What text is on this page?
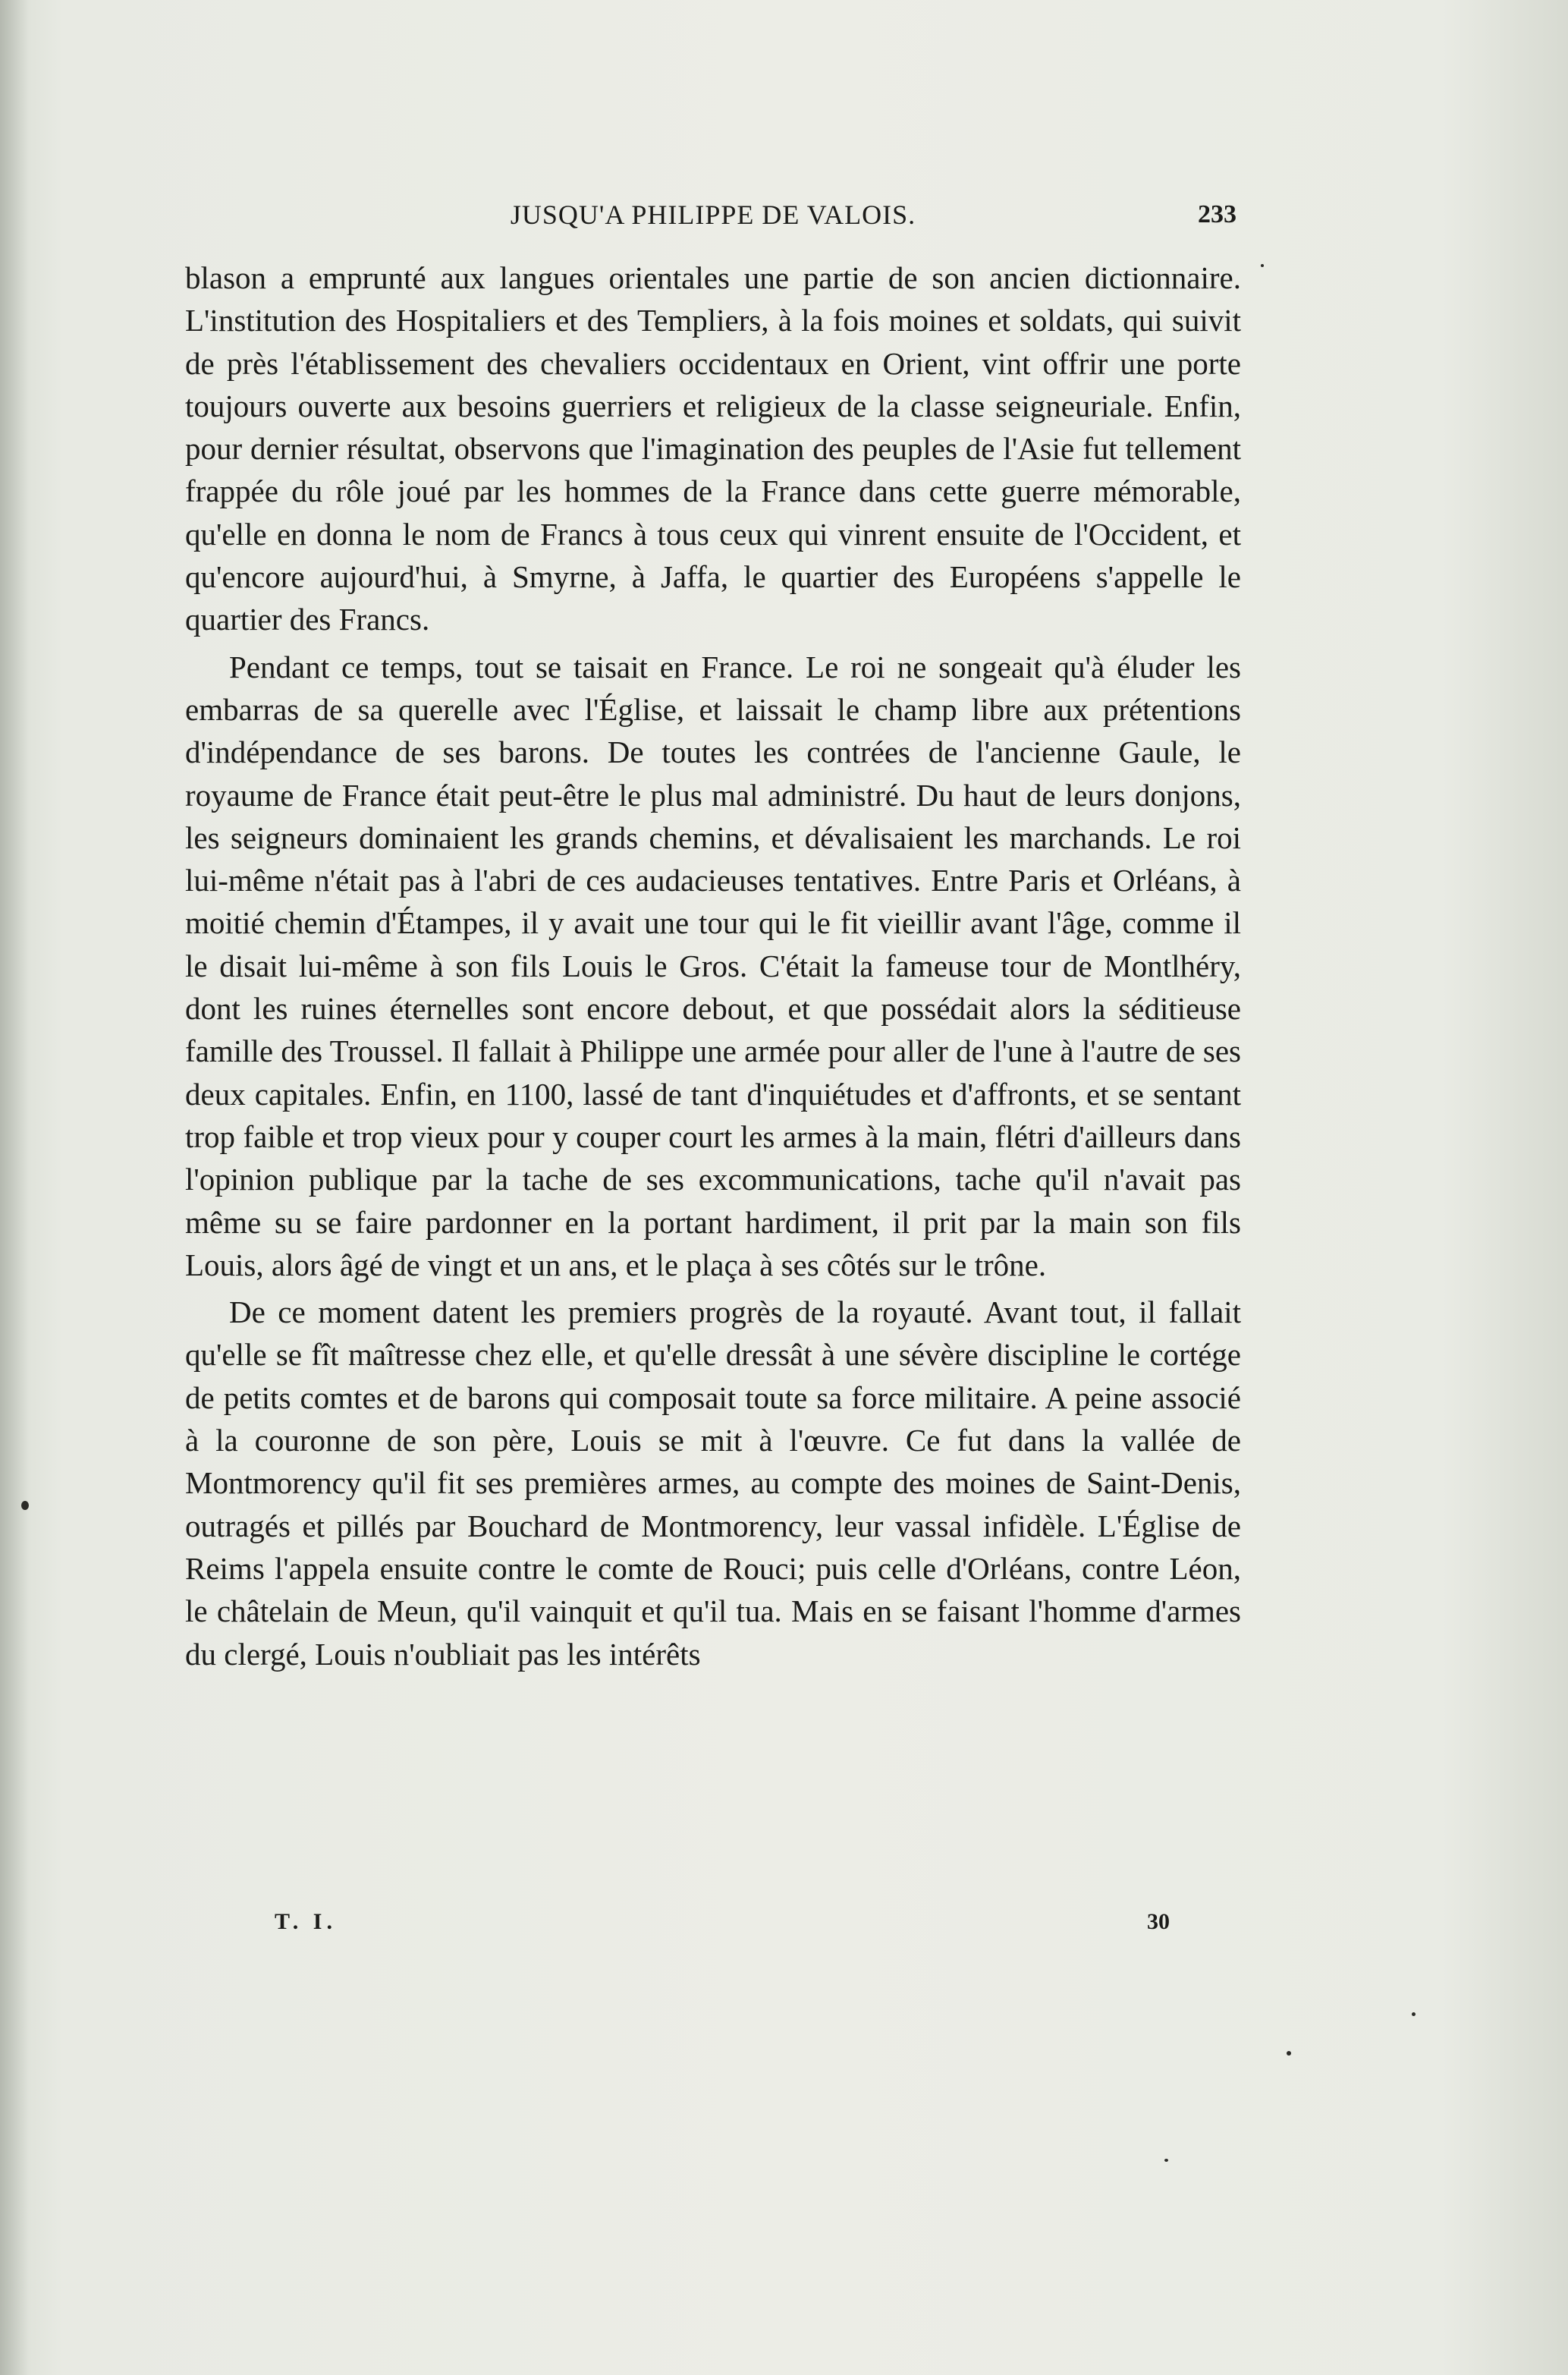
JUSQU'A PHILIPPE DE VALOIS.	233

blason a emprunté aux langues orientales une partie de son ancien dictionnaire. L'institution des Hospitaliers et des Templiers, à la fois moines et soldats, qui suivit de près l'établissement des chevaliers occidentaux en Orient, vint offrir une porte toujours ouverte aux besoins guerriers et religieux de la classe seigneuriale. Enfin, pour dernier résultat, observons que l'imagination des peuples de l'Asie fut tellement frappée du rôle joué par les hommes de la France dans cette guerre mémorable, qu'elle en donna le nom de Francs à tous ceux qui vinrent ensuite de l'Occident, et qu'encore aujourd'hui, à Smyrne, à Jaffa, le quartier des Européens s'appelle le quartier des Francs.

Pendant ce temps, tout se taisait en France. Le roi ne songeait qu'à éluder les embarras de sa querelle avec l'Église, et laissait le champ libre aux prétentions d'indépendance de ses barons. De toutes les contrées de l'ancienne Gaule, le royaume de France était peut-être le plus mal administré. Du haut de leurs donjons, les seigneurs dominaient les grands chemins, et dévalisaient les marchands. Le roi lui-même n'était pas à l'abri de ces audacieuses tentatives. Entre Paris et Orléans, à moitié chemin d'Étampes, il y avait une tour qui le fit vieillir avant l'âge, comme il le disait lui-même à son fils Louis le Gros. C'était la fameuse tour de Montlhéry, dont les ruines éternelles sont encore debout, et que possédait alors la séditieuse famille des Troussel. Il fallait à Philippe une armée pour aller de l'une à l'autre de ses deux capitales. Enfin, en 1100, lassé de tant d'inquiétudes et d'affronts, et se sentant trop faible et trop vieux pour y couper court les armes à la main, flétri d'ailleurs dans l'opinion publique par la tache de ses excommunications, tache qu'il n'avait pas même su se faire pardonner en la portant hardiment, il prit par la main son fils Louis, alors âgé de vingt et un ans, et le plaça à ses côtés sur le trône.

De ce moment datent les premiers progrès de la royauté. Avant tout, il fallait qu'elle se fît maîtresse chez elle, et qu'elle dressât à une sévère discipline le cortége de petits comtes et de barons qui composait toute sa force militaire. A peine associé à la couronne de son père, Louis se mit à l'œuvre. Ce fut dans la vallée de Montmorency qu'il fit ses premières armes, au compte des moines de Saint-Denis, outragés et pillés par Bouchard de Montmorency, leur vassal infidèle. L'Église de Reims l'appela ensuite contre le comte de Rouci; puis celle d'Orléans, contre Léon, le châtelain de Meun, qu'il vainquit et qu'il tua. Mais en se faisant l'homme d'armes du clergé, Louis n'oubliait pas les intérêts

T. I.	30
